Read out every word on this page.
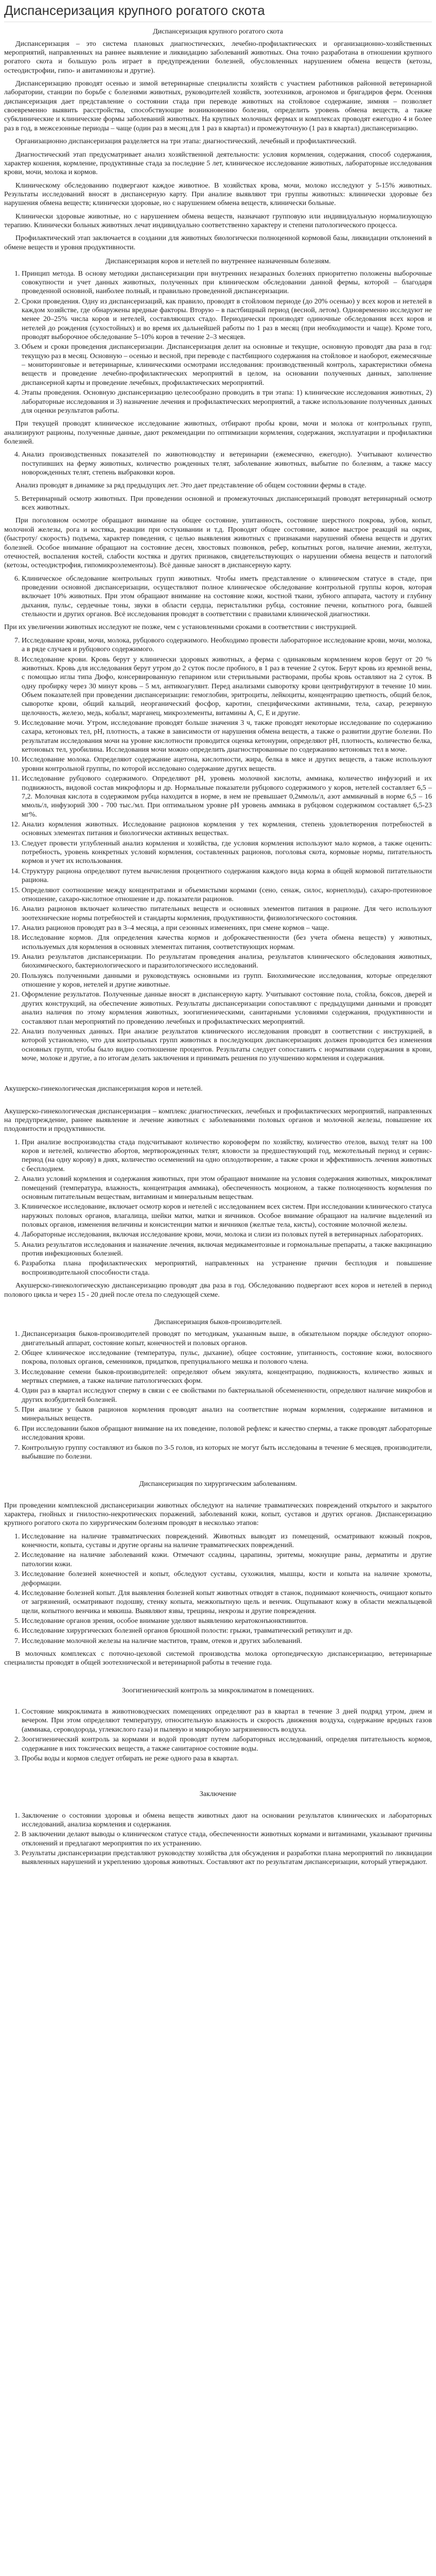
Диспансеризация крупного рогатого скота
Диспансеризация крупного рогатого скота

Диспансеризация – это система плановых диагностических, лечебно-профилактических и организационно-хозяйственных мероприятий, направленных на раннее выявление и ликвидацию заболеваний животных. Она точно разработана в отношении крупного рогатого скота и большую роль играет в предупреждении болезней, обусловленных нарушением обмена веществ (кетозы, остеодистрофии, гипо- и авитаминозы и другие).

Диспансеризацию проводят осенью и зимой ветеринарные специалисты хозяйств с участием работников районной ветеринарной лаборатории, станции по борьбе с болезнями животных, руководителей хозяйств, зоотехников, агрономов и бригадиров ферм. Осенняя диспансеризация дает представление о состоянии стада при переводе животных на стойловое содержание, зимняя – позволяет своевременно выявить расстройства, способствующие возникновению болезни, определить уровень обмена веществ, а также субклинические и клинические формы заболеваний животных. На крупных молочных фермах и комплексах проводят ежегодно 4 и более раз в год, в межсезонные периоды – чаще (один раз в месяц для 1 раз в квартал) и промежуточную (1 раз в квартал) диспансеризацию.

Организационно диспансеризация разделяется на три этапа: диагностический, лечебный и профилактический.

Диагностический этап предусматривает анализ хозяйственной деятельности: условия кормления, содержания, способ содержания, характер кошения, кормление, продуктивные стада за последние 5 лет, клиническое исследование животных, лабораторные исследования крови, мочи, молока и кормов.

Клиническому обследованию подвергают каждое животное. В хозяйствах крова, мочи, молоко исследуют у 5-15% животных. Результаты исследований вносят в диспансерную карту. При анализе выявляют три группы животных: клинически здоровые без нарушения обмена веществ; клинически здоровые, но с нарушением обмена веществ, клинически больные.

Клинически здоровые животные, но с нарушением обмена веществ, назначают групповую или индивидуальную нормализующую терапию. Клинически больных животных лечат индивидуально соответственно характеру и степени патологического процесса.

Профилактический этап заключается в создании для животных биологически полноценной кормовой базы, ликвидации отклонений в обмене веществ и уровня продуктивности.

Диспансеризация коров и нетелей по внутреннее назначенным болезням.
1. Принцип метода. В основу методики диспансеризации при внутренних незаразных болезнях приоритетно положены выборочные совокупности и учет данных животных, полученных при клиническом обследовании данной фермы, которой – благодаря проведенной основной, наиболее полный, и правильно проведенной диспансеризации.
2. Сроки проведения. Одну из диспансеризаций, как правило, проводят в стойловом периоде (до 20% осенью) у всех коров и нетелей в каждом хозяйстве, где обнаружены вредные факторы. Вторую – в пастбищный период (весной, летом). Одновременно исследуют не менее 20–25% числа коров и нетелей, составляющих стадо. Периодически производят одиночные обследования всех коров и нетелей до рождения (сухостойных) и во время их дальнейшей работы по 1 раз в месяц (при необходимости и чаще). Кроме того, проводят выборочное обследование 5–10% коров в течение 2–3 месяцев.
3. Объем и сроки проведения диспансеризации. Диспансеризация делит на основные и текущие, основную проводят два раза в год: текущую раз в месяц. Основную – осенью и весной, при переводе с пастбищного содержания на стойловое и наоборот, ежемесячные – мониторинговые и ветеринарные, клиническими осмотрами исследования: производственный контроль, характеристики обмена веществ и проведение лечебно-профилактических мероприятий в целом, на основании полученных данных, заполнение диспансерной карты и проведение лечебных, профилактических мероприятий.
4. Этапы проведения. Основную диспансеризацию целесообразно проводить в три этапа: 1) клинические исследования животных, 2) лабораторные исследования и 3) назначение лечения и профилактических мероприятий, а также использование полученных данных для оценки результатов работы.

При текущей проводят клиническое исследование животных, отбирают пробы крови, мочи и молока от контрольных групп, анализируют рационы, полученные данные, дают рекомендации по оптимизации кормления, содержания, эксплуатации и профилактики болезней.

4. Анализ производственных показателей по животноводству и ветеринарии (ежемесячно, ежегодно). Учитывают количество поступивших на ферму животных, количество рожденных телят, заболевание животных, выбытие по болезням, а также массу новорожденных телят, степень выбраковки коров.

Анализ проводят в динамике за ряд предыдущих лет. Это дает представление об общем состоянии фермы в стаде.

5. Ветеринарный осмотр животных. При проведении основной и промежуточных диспансеризаций проводят ветеринарный осмотр всех животных.

При поголовном осмотре обращают внимание на общее состояние, упитанность, состояние шерстного покрова, зубов, копыт, молочной железы, рога и костяка, реакции при остукивании и т.д. Проводят общее состояние, живое выстрое реакций на окрик, (быстроту/ скорость) подъема, характер поведения, с целью выявления животных с признаками нарушений обмена веществ и других болезней. Особое внимание обращают на состояние десен, хвостовых позвонков, ребер, копытных рогов, наличие анемии, желтухи, отечностей, воспаления костей, слабости костяка и других признаков, свидетельствующих о нарушении обмена веществ и патологий (кетозы, остеодистрофия, гипомикроэлементозы). Всё данные заносят в диспансерную карту.

6. Клиническое обследование контрольных групп животных. Чтобы иметь представление о клиническом статусе в стаде, при проведении основной диспансеризации, осуществляют полное клиническое обследование контрольной группы коров, которая включает 10% животных. При этом обращают внимание на состояние кожи, костной ткани, зубного аппарата, частоту и глубину дыхания, пульс, сердечные тоны, звуки в области сердца, перистальтики рубца, состояние печени, копытного рога, бывшей стельности и других органов. Всё исследования проводят в соответствии с правилами клинической диагностики.

При их увеличении животных исследуют не позже, чем с установленными сроками в соответствии с инструкцией.

7. Исследование крови, мочи, молока, рубцового содержимого. Необходимо провести лабораторное исследование крови, мочи, молока, а в ряде случаев и рубцового содержимого.
8. Исследование крови. Кровь берут у клинически здоровых животных, а ферма с одинаковым кормлением коров берут от 20 % животных. Кровь для исследования берут утром до 2 суток после пробного, в 1 раз в течение 2 суток. Берут кровь из яремной вены, с помощью иглы типа Дюфо, консервированную гепарином или стерильными растворами, пробы кровь оставляют на 2 суток. В одну пробирку через 30 минут кровь – 5 мл, антикоагулянт. Перед анализами сыворотку крови центрифугируют в течение 10 мин. Объем показателей при проведении диспансеризации: гемоглобин, эритроциты, лейкоциты, концентрацию цветность, общий белок, сыворотке крови, общий кальций, неорганический фосфор, каротин, специфическими активными, тела, сахар, резервную щелочность, железо, медь, кобальт, марганец, микроэлементы, витамины А, С, Е и другие.
9. Исследование мочи. Утром, исследование проводят больше значения 3 ч, также проводят некоторые исследование по содержанию сахара, кетоновых тел, рН, плотность, а также в зависимости от нарушения обмена веществ, а также о развитии другие болезни. По результатам исследования мочи на уровне кислотности проводится оценка кетонурии, определяют рН, плотность, количество белка, кетоновых тел, уробилина. Исследования мочи можно определить диагностированные по содержанию кетоновых тел в моче.
10. Исследование молока. Определяют содержание ацетона, кислотности, жира, белка в мясе и других веществ, а также используют уровни контрольной группы, по которой исследовано содержание других веществ.
11. Исследование рубцового содержимого. Определяют рН, уровень молочной кислоты, аммиака, количество инфузорий и их подвижность, видовой состав микрофлоры и др. Нормальные показатели рубцового содержимого у коров, нетелей составляет 6,5 – 7,2. Молочная кислота в содержимом рубца находится в норме, в нем не превышает 0,2ммоль/л, азот аммиачный в норме 6,5 – 16 ммоль/л, инфузорий 300 - 700 тыс./мл. При оптимальном уровне рН уровень аммиака в рубцовом содержимом составляет 6,5-23 мг%.
12. Анализ кормления животных. Исследование рационов кормления у тех кормления, степень удовлетворения потребностей в основных элементах питания и биологически активных веществах.
13. Следует провести углубленный анализ кормления и хозяйства, где условия кормления используют мало кормов, а также оценить: потребность, уровень конкретных условий кормления, составленных рационов, поголовья скота, кормовые нормы, питательность кормов и учет их использования.
14. Структуру рациона определяют путем вычисления процентного содержания каждого вида корма в общей кормовой питательности рациона.
15. Определяют соотношение между концентратами и объемистыми кормами (сено, сенаж, силос, корнеплоды), сахаро-протеиновое отношение, сахаро-кислотное отношение и др. показатели рационов.
16. Анализ рационов включает количество питательных веществ и основных элементов питания в рационе. Для чего используют зоотехнические нормы потребностей и стандарты кормления, продуктивности, физиологического состояния.
17. Анализ рационов проводят раз в 3–4 месяца, а при сезонных изменениях, при смене кормов – чаще.
18. Исследование кормов. Для определения качества кормов и доброкачественности (без учета обмена веществ) у животных, используемых для кормления в основных элементах питания, соответствующих нормам.
19. Анализ результатов диспансеризации. По результатам проведения анализа, результатов клинического обследования животных, биохимического, бактериологического и паразитологического исследований.
20. Пользуясь полученными данными и руководствуясь основными из групп. Биохимические исследования, которые определяют отношение у коров, нетелей и другие животные.
21. Оформление результатов. Полученные данные вносят в диспансерную карту. Учитывают состояние пола, стойла, боксов, дверей и других конструкций, на обеспечение животных. Результаты диспансеризации сопоставляют с предыдущими данными и проводят анализ наличия по этому кормления животных, зоогигиеническими, санитарными условиями содержания, продуктивности и составляют план мероприятий по проведению лечебных и профилактических мероприятий.
22. Анализ полученных данных. При анализе результатов клинического исследования проводят в соответствии с инструкцией, в которой установлено, что для контрольных групп животных в последующих диспансеризациях должен проводится без изменения основных групп, чтобы было видно соотношение процентов. Результаты следует сопоставить с нормативами содержания в крови, моче, молоке и другие, а по итогам делать заключения и принимать решения по улучшению кормления и содержания.

Акушерско-гинекологическая диспансеризация коров и нетелей.

Акушерско-гинекологическая диспансеризация – комплекс диагностических, лечебных и профилактических мероприятий, направленных на предупреждение, раннее выявление и лечение животных с заболеваниями половых органов и молочной железы, повышение их плодовитости и продуктивности.

1. При анализе воспроизводства стада подсчитывают количество коровоферм по хозяйству, количество отелов, выход телят на 100 коров и нетелей, количество абортов, мертворожденных телят, яловости за предшествующий год, межотельный период и сервис-период (на одну корову) в днях, количество осеменений на одно оплодотворение, а также сроки и эффективность лечения животных с бесплодием.
2. Анализ условий кормления и содержания животных, при этом обращают внимание на условия содержания животных, микроклимат помещений (температура, влажность, концентрация аммиака), обеспеченность моционом, а также полноценность кормления по основным питательным веществам, витаминам и минеральным веществам.
3. Клиническое исследование, включает осмотр коров и нетелей с исследованием всех систем. При исследовании клинического статуса наружных половых органов, влагалища, шейки матки, матки и яичников. Особое внимание обращают на наличие выделений из половых органов, изменения величины и консистенции матки и яичников (желтые тела, кисты), состояние молочной железы.
4. Лабораторные исследования, включая исследование крови, мочи, молока и слизи из половых путей в ветеринарных лабораториях.
5. Анализ результатов исследования и назначение лечения, включая медикаментозные и гормональные препараты, а также вакцинацию против инфекционных болезней.
6. Разработка плана профилактических мероприятий, направленных на устранение причин бесплодия и повышение воспроизводительной способности стада.

Акушерско-гинекологическую диспансеризацию проводят два раза в год. Обследованию подвергают всех коров и нетелей в период полового цикла и через 15 - 20 дней после отела по следующей схеме.

Диспансеризация быков-производителей.
1. Диспансеризация быков-производителей проводят по методикам, указанным выше, в обязательном порядке обследуют опорно-двигательный аппарат, состояние копыт, конечностей и половых органов.
2. Общее клиническое исследование (температура, пульс, дыхание), общее состояние, упитанность, состояние кожи, волосяного покрова, половых органов, семенников, придатков, препуциального мешка и полового члена.
3. Исследование семени быков-производителей: определяют объем эякулята, концентрацию, подвижность, количество живых и мертвых спермиев, а также наличие патологических форм.
4. Один раз в квартал исследуют сперму в связи с ее свойствами по бактериальной обсемененности, определяют наличие микробов и других возбудителей болезней.
5. При анализе у быков рационов кормления проводят анализ на соответствие нормам кормления, содержание витаминов и минеральных веществ.
6. При исследовании быков обращают внимание на их поведение, половой рефлекс и качество спермы, а также проводят лабораторные исследования крови.
7. Контрольную группу составляют из быков по 3-5 голов, из которых не могут быть исследованы в течение 6 месяцев, производители, выбывшие по болезни.
Диспансеризация по хирургическим заболеваниям.

При проведении комплексной диспансеризации животных обследуют на наличие травматических повреждений открытого и закрытого характера, гнойных и гнилостно-некротических поражений, заболеваний кожи, копыт, суставов и других органов. Диспансеризацию крупного рогатого скота по хирургическим болезням проводят в несколько этапов:

1. Исследование на наличие травматических повреждений. Животных выводят из помещений, осматривают кожный покров, конечности, копыта, суставы и другие органы на наличие травматических повреждений.
2. Исследование на наличие заболеваний кожи. Отмечают ссадины, царапины, эритемы, мокнущие раны, дерматиты и другие патологии кожи.
3. Исследование болезней конечностей и копыт, обследуют суставы, сухожилия, мышцы, кости и копыта на наличие хромоты, деформации.
4. Исследование болезней копыт. Для выявления болезней копыт животных отводят в станок, поднимают конечность, очищают копыто от загрязнений, осматривают подошву, стенку копыта, межкопытную щель и венчик. Ощупывают кожу в области межпальцевой щели, копытного венчика и мякиша. Выявляют язвы, трещины, некрозы и другие повреждения.
5. Исследование органов зрения, особое внимание уделяют выявлению кератоконъюнктивитов.
6. Исследование хирургических болезней органов брюшной полости: грыжи, травматический ретикулит и др.
7. Исследование молочной железы на наличие маститов, травм, отеков и других заболеваний.

В молочных комплексах с поточно-цеховой системой производства молока ортопедическую диспансеризацию, ветеринарные специалисты проводят в общей зоотехнической и ветеринарной работы в течение года.

Зоогигиенический контроль за микроклиматом в помещениях.
1. Состояние микроклимата в животноводческих помещениях определяют раз в квартал в течение 3 дней подряд утром, днем и вечером. При этом определяют температуру, относительную влажность и скорость движения воздуха, содержание вредных газов (аммиака, сероводорода, углекислого газа) и пылевую и микробную загрязненность воздуха.
2. Зоогигиенический контроль за кормами и водой проводят путем лабораторных исследований, определяя питательность кормов, содержание в них токсических веществ, а также санитарное состояние воды.
3. Пробы воды и кормов следует отбирать не реже одного раза в квартал.
Заключение
1. Заключение о состоянии здоровья и обмена веществ животных дают на основании результатов клинических и лабораторных исследований, анализа кормления и содержания.
2. В заключении делают выводы о клиническом статусе стада, обеспеченности животных кормами и витаминами, указывают причины отклонений и предлагают мероприятия по их устранению.
3. Результаты диспансеризации представляют руководству хозяйства для обсуждения и разработки плана мероприятий по ликвидации выявленных нарушений и укреплению здоровья животных. Составляют акт по результатам диспансеризации, который утверждают.
